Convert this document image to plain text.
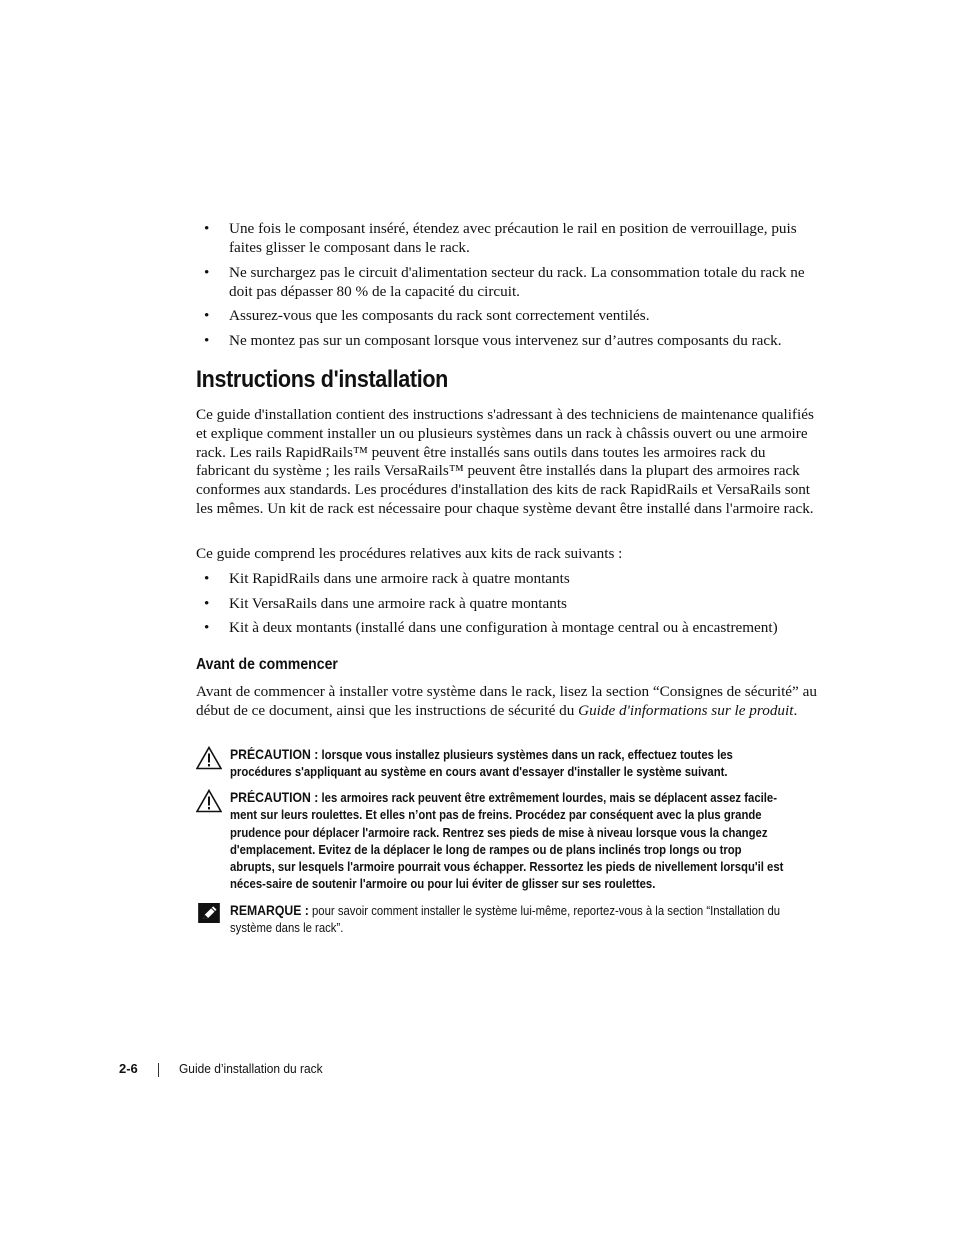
• Une fois le composant inséré, étendez avec précaution le rail en position de verrouillage, puis faites glisser le composant dans le rack.
• Ne surchargez pas le circuit d'alimentation secteur du rack. La consommation totale du rack ne doit pas dépasser 80 % de la capacité du circuit.
• Assurez-vous que les composants du rack sont correctement ventilés.
• Ne montez pas sur un composant lorsque vous intervenez sur d’autres composants du rack.
Instructions d'installation
Ce guide d'installation contient des instructions s'adressant à des techniciens de maintenance qualifiés et explique comment installer un ou plusieurs systèmes dans un rack à châssis ouvert ou une armoire rack. Les rails RapidRails™ peuvent être installés sans outils dans toutes les armoires rack du fabricant du système ; les rails VersaRails™ peuvent être installés dans la plupart des armoires rack conformes aux standards. Les procédures d'installation des kits de rack RapidRails et VersaRails sont les mêmes. Un kit de rack est nécessaire pour chaque système devant être installé dans l'armoire rack.
Ce guide comprend les procédures relatives aux kits de rack suivants :
• Kit RapidRails dans une armoire rack à quatre montants
• Kit VersaRails dans une armoire rack à quatre montants
• Kit à deux montants (installé dans une configuration à montage central ou à encastrement)
Avant de commencer
Avant de commencer à installer votre système dans le rack, lisez la section “Consignes de sécurité” au début de ce document, ainsi que les instructions de sécurité du Guide d'informations sur le produit.
PRÉCAUTION : lorsque vous installez plusieurs systèmes dans un rack, effectuez toutes les procédures s'appliquant au système en cours avant d'essayer d'installer le système suivant.
PRÉCAUTION : les armoires rack peuvent être extrêmement lourdes, mais se déplacent assez facile-ment sur leurs roulettes. Et elles n’ont pas de freins. Procédez par conséquent avec la plus grande prudence pour déplacer l'armoire rack. Rentrez ses pieds de mise à niveau lorsque vous la changez d'emplacement. Evitez de la déplacer le long de rampes ou de plans inclinés trop longs ou trop abrupts, sur lesquels l'armoire pourrait vous échapper. Ressortez les pieds de nivellement lorsqu'il est néces-saire de soutenir l'armoire ou pour lui éviter de glisser sur ses roulettes.
REMARQUE : pour savoir comment installer le système lui-même, reportez-vous à la section “Installation du système dans le rack”.
2-6	Guide d’installation du rack
